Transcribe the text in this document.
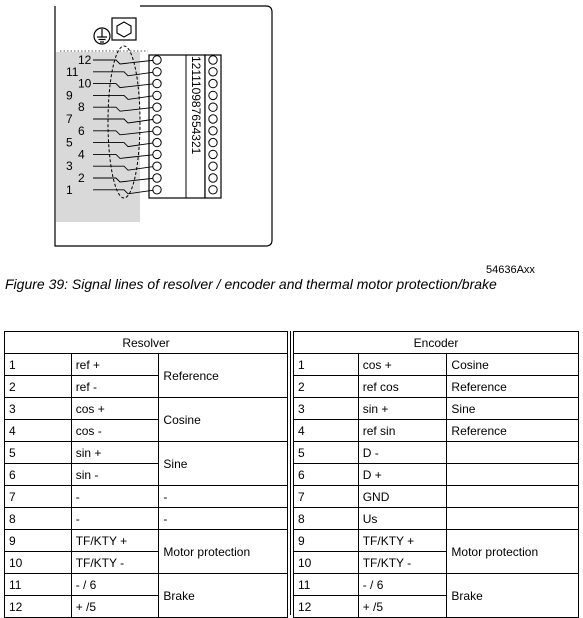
12
11
10
9
8
7
6
5
4
3
2
1
121110987654321
54636Axx
Figure 39: Signal lines of resolver / encoder and thermal motor protection/brake
Resolver		
1	ref +	Reference
2	ref -	
3	cos +	Cosine
4	cos -	
5	sin +	Sine
6	sin -	
7	-	-
8	-	-
9	TF/KTY +	Motor protection
10	TF/KTY -	
11	- / 6	Brake
12	+ /5	
Encoder		
1	cos +	Cosine
2	ref cos	Reference
3	sin +	Sine
4	ref sin	Reference
5	D -	
6	D +	
7	GND	
8	Us	
9	TF/KTY +	Motor protection
10	TF/KTY -	
11	- / 6	Brake
12	+ /5	
